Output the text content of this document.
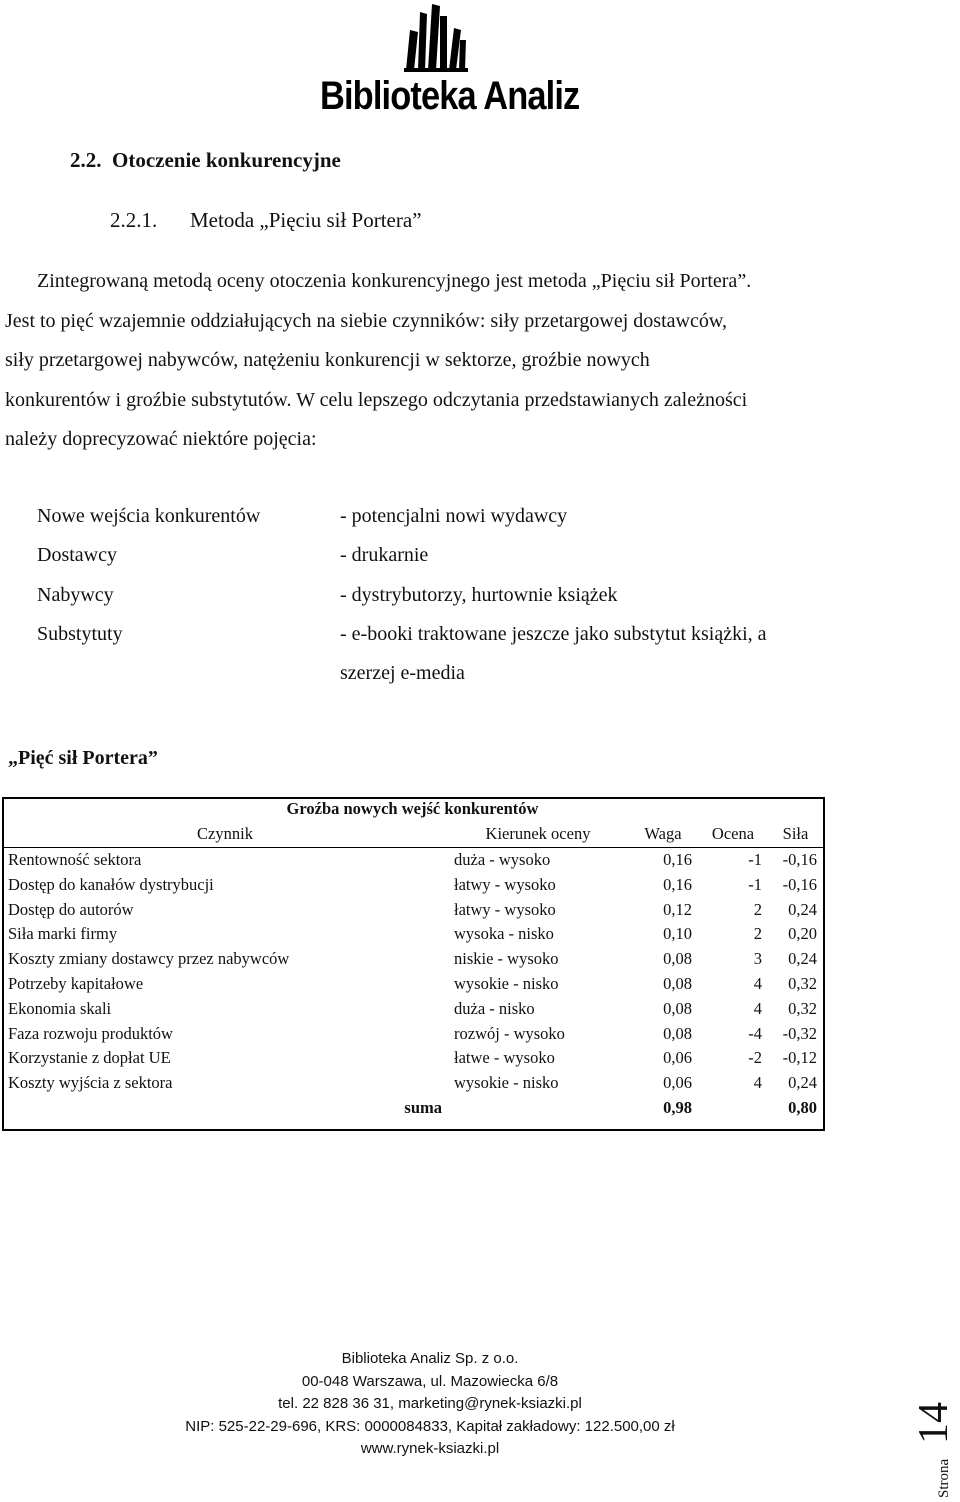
Biblioteka Analiz
2.2. Otoczenie konkurencyjne
2.2.1. Metoda „Pięciu sił Portera”

Zintegrowaną metodą oceny otoczenia konkurencyjnego jest metoda „Pięciu sił Portera”.

Jest to pięć wzajemnie oddziałujących na siebie czynników: siły przetargowej dostawców,

siły przetargowej nabywców, natężeniu konkurencji w sektorze, groźbie nowych

konkurentów i groźbie substytutów. W celu lepszego odczytania przedstawianych zależności

należy doprecyzować niektóre pojęcia:

Nowe wejścia konkurentów	- potencjalni nowi wydawcy
Dostawcy	- drukarnie
Nabywcy	- dystrybutorzy, hurtownie książek
Substytuty	- e-booki traktowane jeszcze jako substytut książki, a
szerzej e-media
„Pięć sił Portera”
Groźba nowych wejść konkurentów				
Czynnik	Kierunek oceny	Waga	Ocena	Siła
Rentowność sektora	duża - wysoko	0,16	-1	-0,16
Dostęp do kanałów dystrybucji	łatwy - wysoko	0,16	-1	-0,16
Dostęp do autorów	łatwy - wysoko	0,12	2	0,24
Siła marki firmy	wysoka - nisko	0,10	2	0,20
Koszty zmiany dostawcy przez nabywców	niskie - wysoko	0,08	3	0,24
Potrzeby kapitałowe	wysokie - nisko	0,08	4	0,32
Ekonomia skali	duża - nisko	0,08	4	0,32
Faza rozwoju produktów	rozwój - wysoko	0,08	-4	-0,32
Korzystanie z dopłat UE	łatwe - wysoko	0,06	-2	-0,12
Koszty wyjścia z sektora	wysokie - nisko	0,06	4	0,24
suma		0,98		0,80
Biblioteka Analiz Sp. z o.o.
00-048 Warszawa, ul. Mazowiecka 6/8
tel. 22 828 36 31, marketing@rynek-ksiazki.pl
NIP: 525-22-29-696, KRS: 0000084833, Kapitał zakładowy: 122.500,00 zł
www.rynek-ksiazki.pl
Strona
14
